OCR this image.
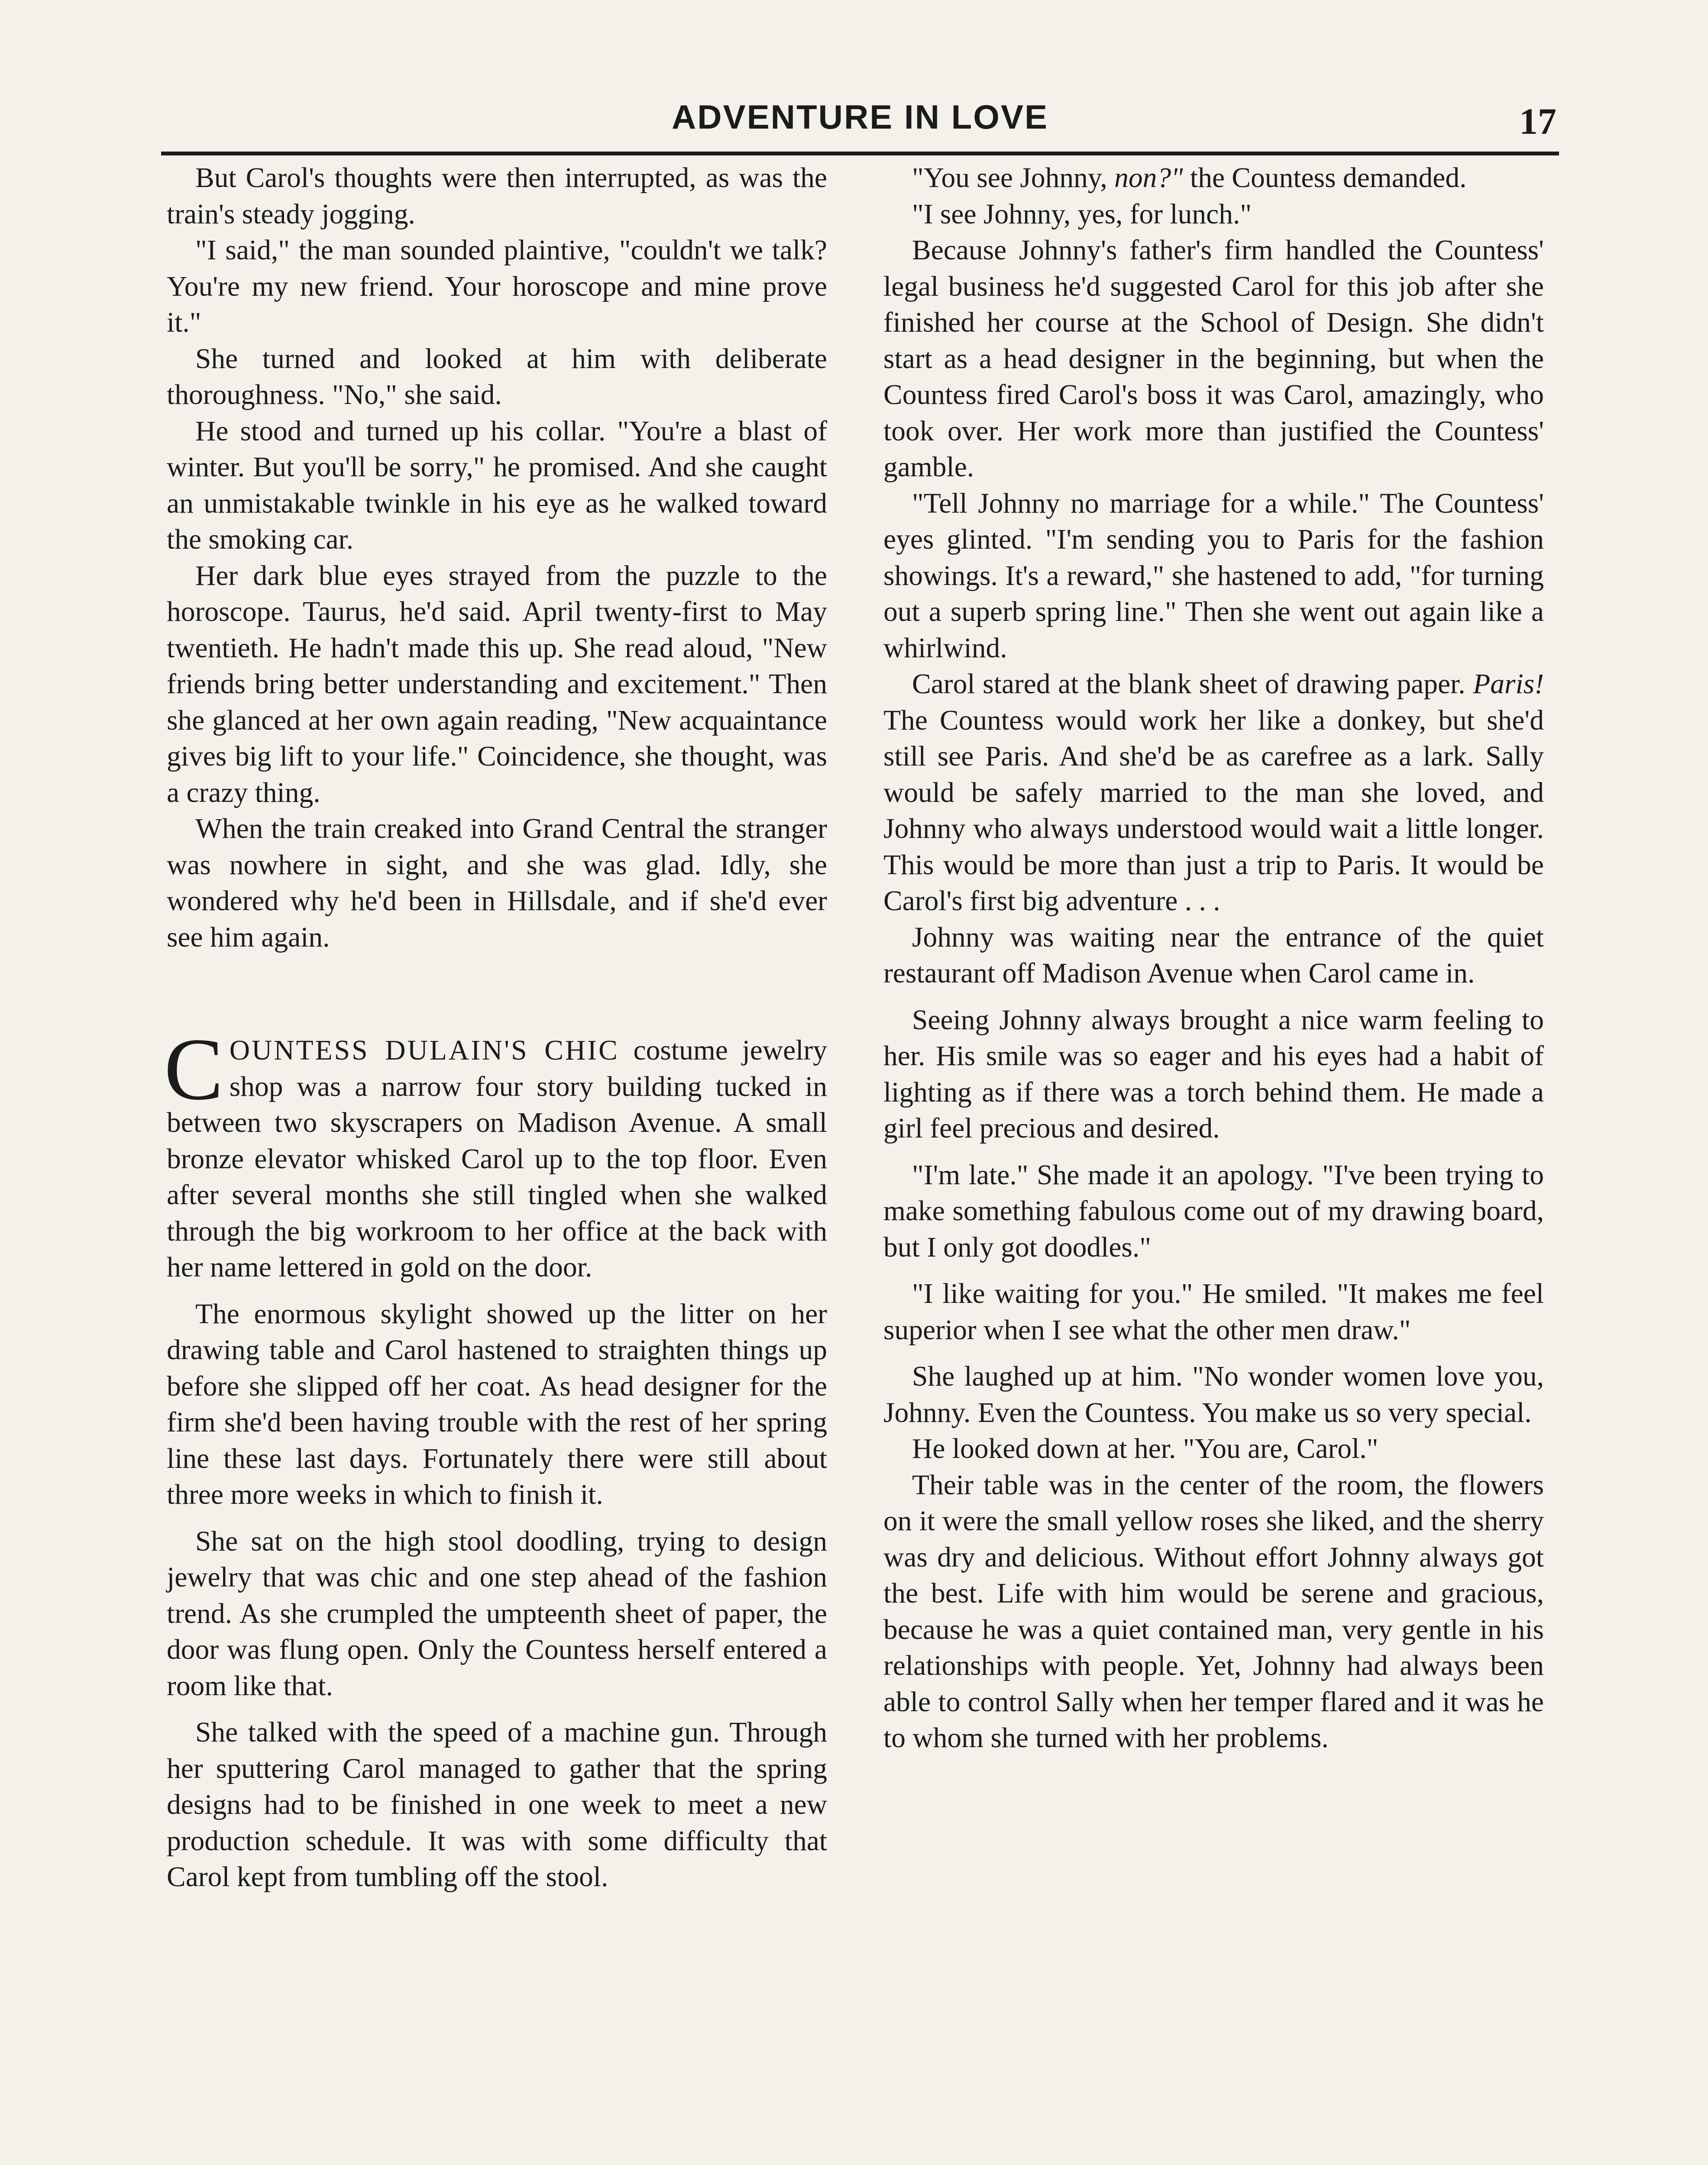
ADVENTURE IN LOVE	17

But Carol's thoughts were then interrupted, as was the train's steady jogging.

"I said," the man sounded plaintive, "couldn't we talk? You're my new friend. Your horoscope and mine prove it."

She turned and looked at him with deliberate thoroughness. "No," she said.

He stood and turned up his collar. "You're a blast of winter. But you'll be sorry," he promised. And she caught an unmistakable twinkle in his eye as he walked toward the smoking car.

Her dark blue eyes strayed from the puzzle to the horoscope. Taurus, he'd said. April twenty-first to May twentieth. He hadn't made this up. She read aloud, "New friends bring better understanding and excitement." Then she glanced at her own again reading, "New acquaintance gives big lift to your life." Coincidence, she thought, was a crazy thing.

When the train creaked into Grand Central the stranger was nowhere in sight, and she was glad. Idly, she wondered why he'd been in Hillsdale, and if she'd ever see him again.

COUNTESS DULAIN'S CHIC costume jewelry shop was a narrow four story building tucked in between two skyscrapers on Madison Avenue. A small bronze elevator whisked Carol up to the top floor. Even after several months she still tingled when she walked through the big workroom to her office at the back with her name lettered in gold on the door.

The enormous skylight showed up the litter on her drawing table and Carol hastened to straighten things up before she slipped off her coat. As head designer for the firm she'd been having trouble with the rest of her spring line these last days. Fortunately there were still about three more weeks in which to finish it.

She sat on the high stool doodling, trying to design jewelry that was chic and one step ahead of the fashion trend. As she crumpled the umpteenth sheet of paper, the door was flung open. Only the Countess herself entered a room like that.

She talked with the speed of a machine gun. Through her sputtering Carol managed to gather that the spring designs had to be finished in one week to meet a new production schedule. It was with some difficulty that Carol kept from tumbling off the stool.

"You see Johnny, non?" the Countess demanded.

"I see Johnny, yes, for lunch."

Because Johnny's father's firm handled the Countess' legal business he'd suggested Carol for this job after she finished her course at the School of Design. She didn't start as a head designer in the beginning, but when the Countess fired Carol's boss it was Carol, amazingly, who took over. Her work more than justified the Countess' gamble.

"Tell Johnny no marriage for a while." The Countess' eyes glinted. "I'm sending you to Paris for the fashion showings. It's a reward," she hastened to add, "for turning out a superb spring line." Then she went out again like a whirlwind.

Carol stared at the blank sheet of drawing paper. Paris! The Countess would work her like a donkey, but she'd still see Paris. And she'd be as carefree as a lark. Sally would be safely married to the man she loved, and Johnny who always understood would wait a little longer. This would be more than just a trip to Paris. It would be Carol's first big adventure . . .

Johnny was waiting near the entrance of the quiet restaurant off Madison Avenue when Carol came in.

Seeing Johnny always brought a nice warm feeling to her. His smile was so eager and his eyes had a habit of lighting as if there was a torch behind them. He made a girl feel precious and desired.

"I'm late." She made it an apology. "I've been trying to make something fabulous come out of my drawing board, but I only got doodles."

"I like waiting for you." He smiled. "It makes me feel superior when I see what the other men draw."

She laughed up at him. "No wonder women love you, Johnny. Even the Countess. You make us so very special.

He looked down at her. "You are, Carol."

Their table was in the center of the room, the flowers on it were the small yellow roses she liked, and the sherry was dry and delicious. Without effort Johnny always got the best. Life with him would be serene and gracious, because he was a quiet contained man, very gentle in his relationships with people. Yet, Johnny had always been able to control Sally when her temper flared and it was he to whom she turned with her problems.
